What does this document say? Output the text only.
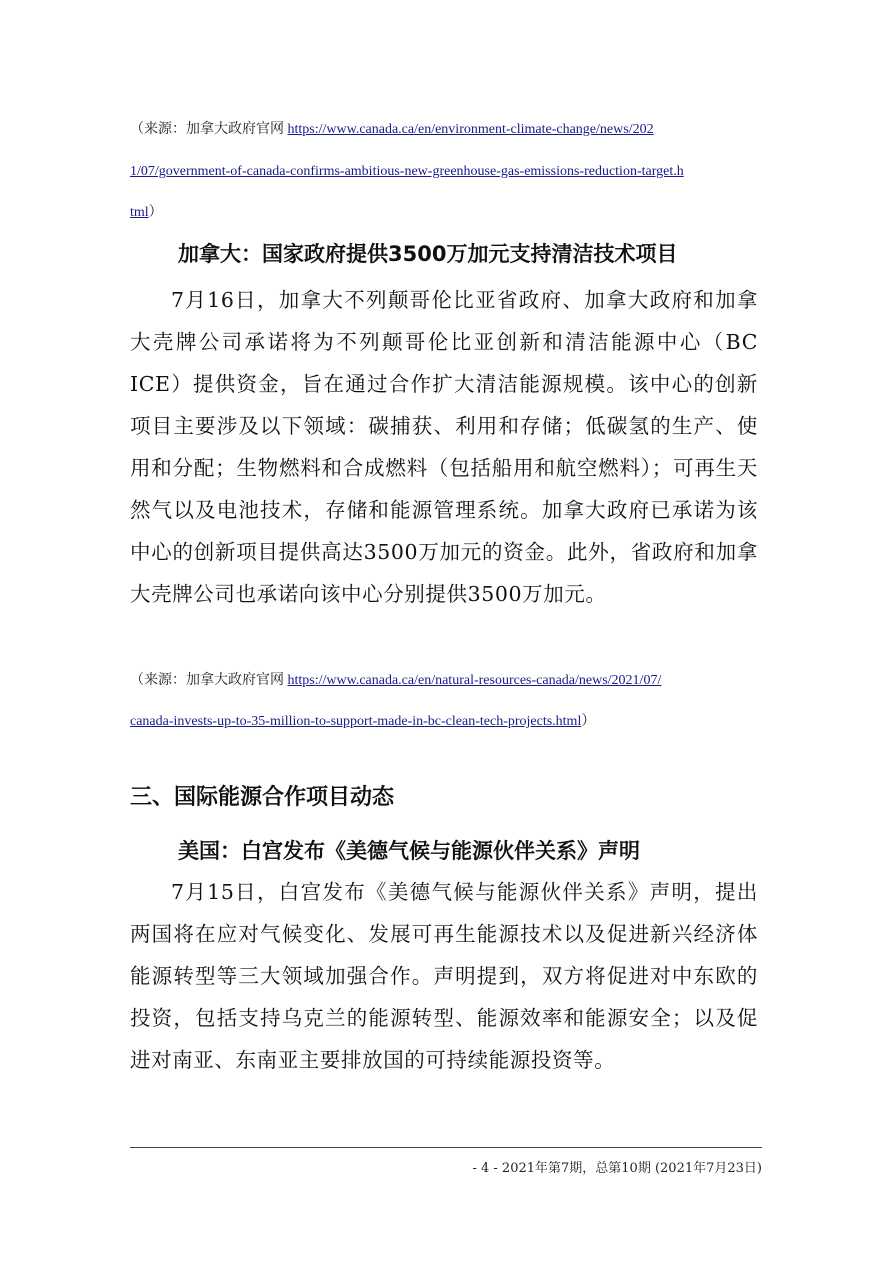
（来源：加拿大政府官网 https://www.canada.ca/en/environment-climate-change/news/202
1/07/government-of-canada-confirms-ambitious-new-greenhouse-gas-emissions-reduction-target.h
tml）
加拿大：国家政府提供3500万加元支持清洁技术项目
7月16日，加拿大不列颠哥伦比亚省政府、加拿大政府和加拿大壳牌公司承诺将为不列颠哥伦比亚创新和清洁能源中心（BC ICE）提供资金，旨在通过合作扩大清洁能源规模。该中心的创新项目主要涉及以下领域：碳捕获、利用和存储；低碳氢的生产、使用和分配；生物燃料和合成燃料（包括船用和航空燃料）；可再生天然气以及电池技术，存储和能源管理系统。加拿大政府已承诺为该中心的创新项目提供高达3500万加元的资金。此外，省政府和加拿大壳牌公司也承诺向该中心分别提供3500万加元。
（来源：加拿大政府官网 https://www.canada.ca/en/natural-resources-canada/news/2021/07/
canada-invests-up-to-35-million-to-support-made-in-bc-clean-tech-projects.html）
三、国际能源合作项目动态
美国：白宫发布《美德气候与能源伙伴关系》声明
7月15日，白宫发布《美德气候与能源伙伴关系》声明，提出两国将在应对气候变化、发展可再生能源技术以及促进新兴经济体能源转型等三大领域加强合作。声明提到，双方将促进对中东欧的投资，包括支持乌克兰的能源转型、能源效率和能源安全；以及促进对南亚、东南亚主要排放国的可持续能源投资等。
- 4 - 2021年第7期，总第10期 (2021年7月23日)
